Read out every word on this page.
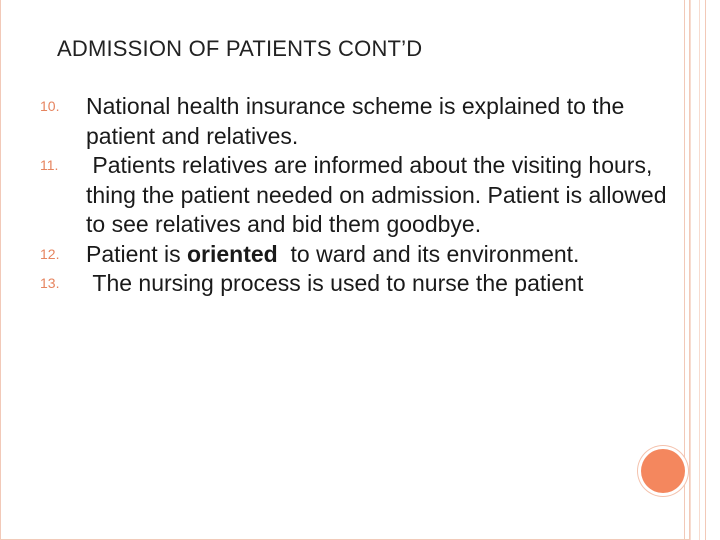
ADMISSION OF PATIENTS CONT’D
10.	National health insurance scheme is explained to the patient and relatives.
11.	Patients relatives are informed about the visiting hours, thing the patient needed on admission. Patient is allowed to see relatives and bid them goodbye.
12.	Patient is oriented  to ward and its environment.
13.	The nursing process is used to nurse the patient
